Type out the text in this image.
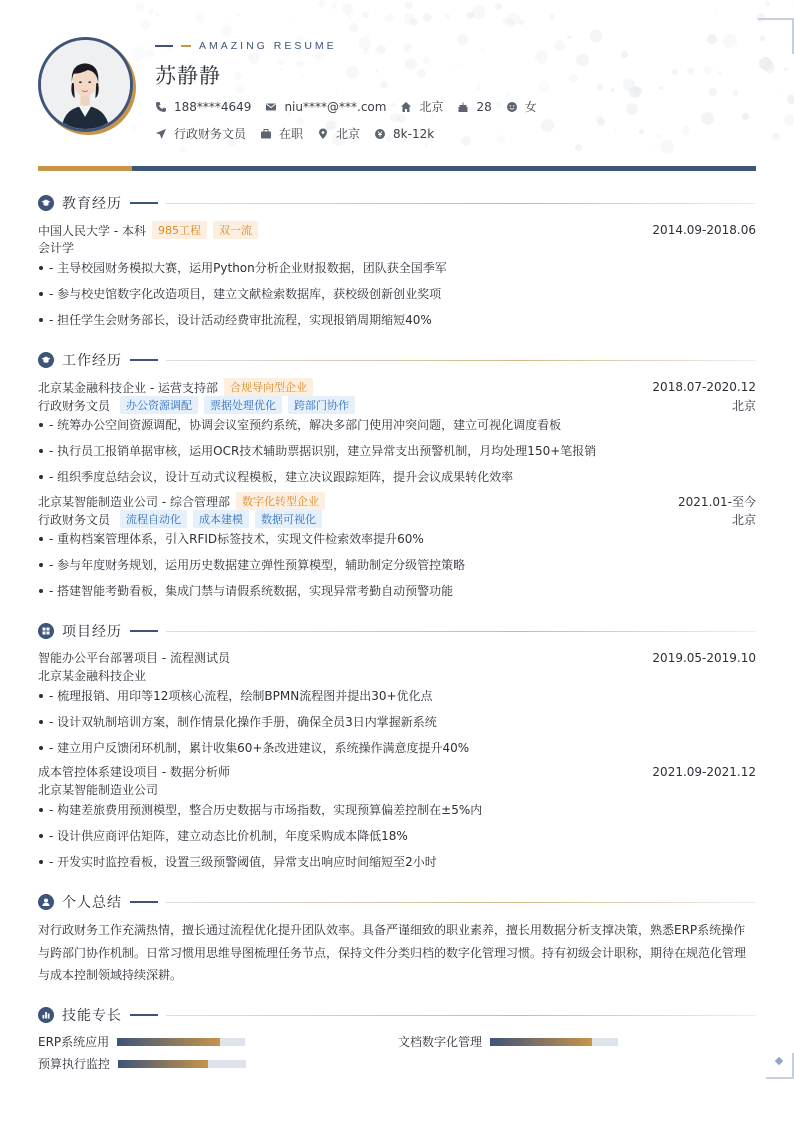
AMAZING RESUME
苏静静
188****4649	niu****@***.com	北京	28	女
行政财务文员	在职	北京	8k-12k
教育经历
中国人民大学 - 本科	985工程	双一流	2014.09-2018.06
会计学
- 主导校园财务模拟大赛，运用Python分析企业财报数据，团队获全国季军
- 参与校史馆数字化改造项目，建立文献检索数据库，获校级创新创业奖项
- 担任学生会财务部长，设计活动经费审批流程，实现报销周期缩短40%
工作经历
北京某金融科技企业 - 运营支持部	合规导向型企业	2018.07-2020.12
行政财务文员	办公资源调配	票据处理优化	跨部门协作	北京
- 统筹办公空间资源调配，协调会议室预约系统，解决多部门使用冲突问题，建立可视化调度看板
- 执行员工报销单据审核，运用OCR技术辅助票据识别，建立异常支出预警机制，月均处理150+笔报销
- 组织季度总结会议，设计互动式议程模板，建立决议跟踪矩阵，提升会议成果转化效率
北京某智能制造业公司 - 综合管理部	数字化转型企业	2021.01-至今
行政财务文员	流程自动化	成本建模	数据可视化	北京
- 重构档案管理体系，引入RFID标签技术，实现文件检索效率提升60%
- 参与年度财务规划，运用历史数据建立弹性预算模型，辅助制定分级管控策略
- 搭建智能考勤看板，集成门禁与请假系统数据，实现异常考勤自动预警功能
项目经历
智能办公平台部署项目 - 流程测试员	2019.05-2019.10
北京某金融科技企业
- 梳理报销、用印等12项核心流程，绘制BPMN流程图并提出30+优化点
- 设计双轨制培训方案，制作情景化操作手册，确保全员3日内掌握新系统
- 建立用户反馈闭环机制，累计收集60+条改进建议，系统操作满意度提升40%
成本管控体系建设项目 - 数据分析师	2021.09-2021.12
北京某智能制造业公司
- 构建差旅费用预测模型，整合历史数据与市场指数，实现预算偏差控制在±5%内
- 设计供应商评估矩阵，建立动态比价机制，年度采购成本降低18%
- 开发实时监控看板，设置三级预警阈值，异常支出响应时间缩短至2小时
个人总结
对行政财务工作充满热情，擅长通过流程优化提升团队效率。具备严谨细致的职业素养，擅长用数据分析支撑决策，熟悉ERP系统操作与跨部门协作机制。日常习惯用思维导图梳理任务节点，保持文件分类归档的数字化管理习惯。持有初级会计职称，期待在规范化管理与成本控制领域持续深耕。
技能专长
ERP系统应用	文档数字化管理
预算执行监控
